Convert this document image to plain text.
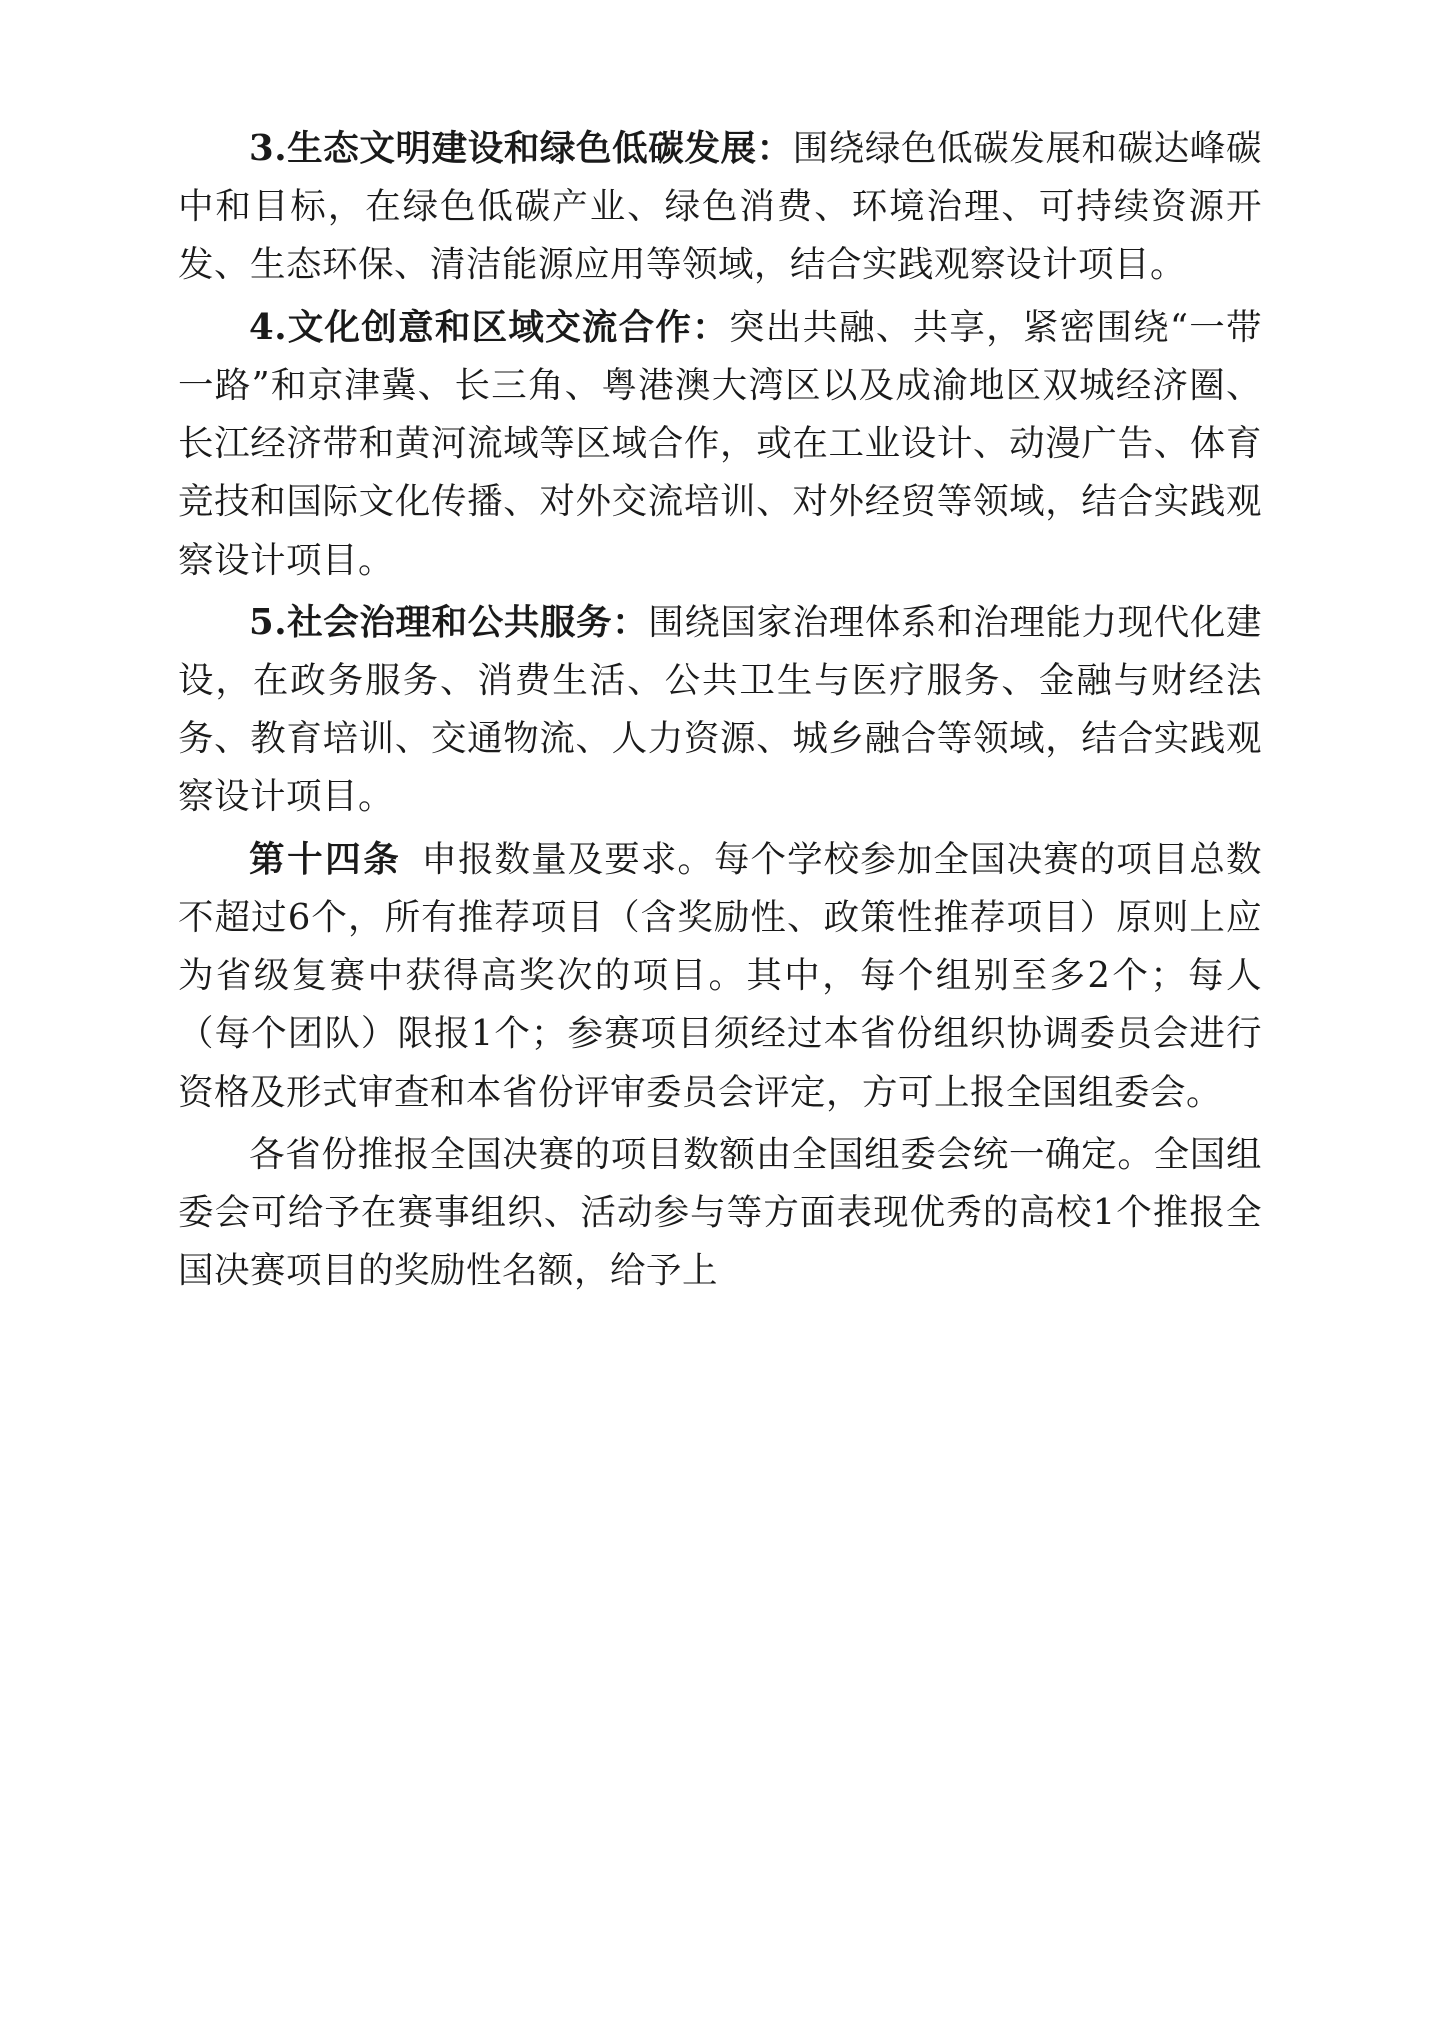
3.生态文明建设和绿色低碳发展：围绕绿色低碳发展和碳达峰碳中和目标，在绿色低碳产业、绿色消费、环境治理、可持续资源开发、生态环保、清洁能源应用等领域，结合实践观察设计项目。

4.文化创意和区域交流合作：突出共融、共享，紧密围绕“一带一路”和京津冀、长三角、粤港澳大湾区以及成渝地区双城经济圈、长江经济带和黄河流域等区域合作，或在工业设计、动漫广告、体育竞技和国际文化传播、对外交流培训、对外经贸等领域，结合实践观察设计项目。

5.社会治理和公共服务：围绕国家治理体系和治理能力现代化建设，在政务服务、消费生活、公共卫生与医疗服务、金融与财经法务、教育培训、交通物流、人力资源、城乡融合等领域，结合实践观察设计项目。

第十四条 申报数量及要求。每个学校参加全国决赛的项目总数不超过6个，所有推荐项目（含奖励性、政策性推荐项目）原则上应为省级复赛中获得高奖次的项目。其中，每个组别至多2个；每人（每个团队）限报1个；参赛项目须经过本省份组织协调委员会进行资格及形式审查和本省份评审委员会评定，方可上报全国组委会。

各省份推报全国决赛的项目数额由全国组委会统一确定。全国组委会可给予在赛事组织、活动参与等方面表现优秀的高校1个推报全国决赛项目的奖励性名额，给予上
